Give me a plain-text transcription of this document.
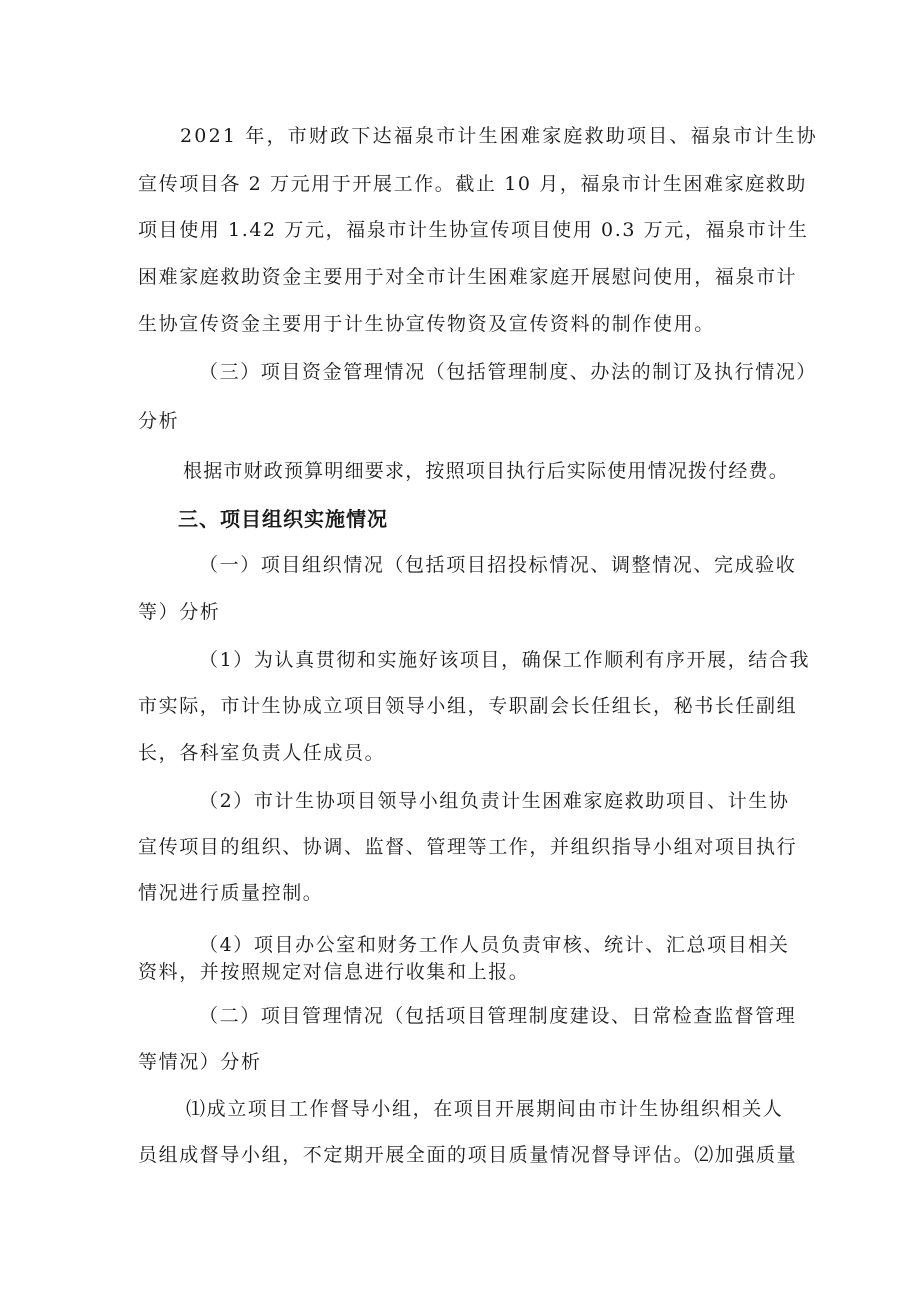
2021 年，市财政下达福泉市计生困难家庭救助项目、福泉市计生协
宣传项目各 2 万元用于开展工作。截止 10 月，福泉市计生困难家庭救助
项目使用 1.42 万元，福泉市计生协宣传项目使用 0.3 万元，福泉市计生
困难家庭救助资金主要用于对全市计生困难家庭开展慰问使用，福泉市计
生协宣传资金主要用于计生协宣传物资及宣传资料的制作使用。
（三）项目资金管理情况（包括管理制度、办法的制订及执行情况）
分析
根据市财政预算明细要求，按照项目执行后实际使用情况拨付经费。
三、项目组织实施情况
（一）项目组织情况（包括项目招投标情况、调整情况、完成验收
等）分析
（1）为认真贯彻和实施好该项目，确保工作顺利有序开展，结合我
市实际，市计生协成立项目领导小组，专职副会长任组长，秘书长任副组
长，各科室负责人任成员。
（2）市计生协项目领导小组负责计生困难家庭救助项目、计生协
宣传项目的组织、协调、监督、管理等工作，并组织指导小组对项目执行
情况进行质量控制。
（4）项目办公室和财务工作人员负责审核、统计、汇总项目相关
资料，并按照规定对信息进行收集和上报。
（二）项目管理情况（包括项目管理制度建设、日常检查监督管理
等情况）分析
⑴成立项目工作督导小组，在项目开展期间由市计生协组织相关人
员组成督导小组，不定期开展全面的项目质量情况督导评估。⑵加强质量
